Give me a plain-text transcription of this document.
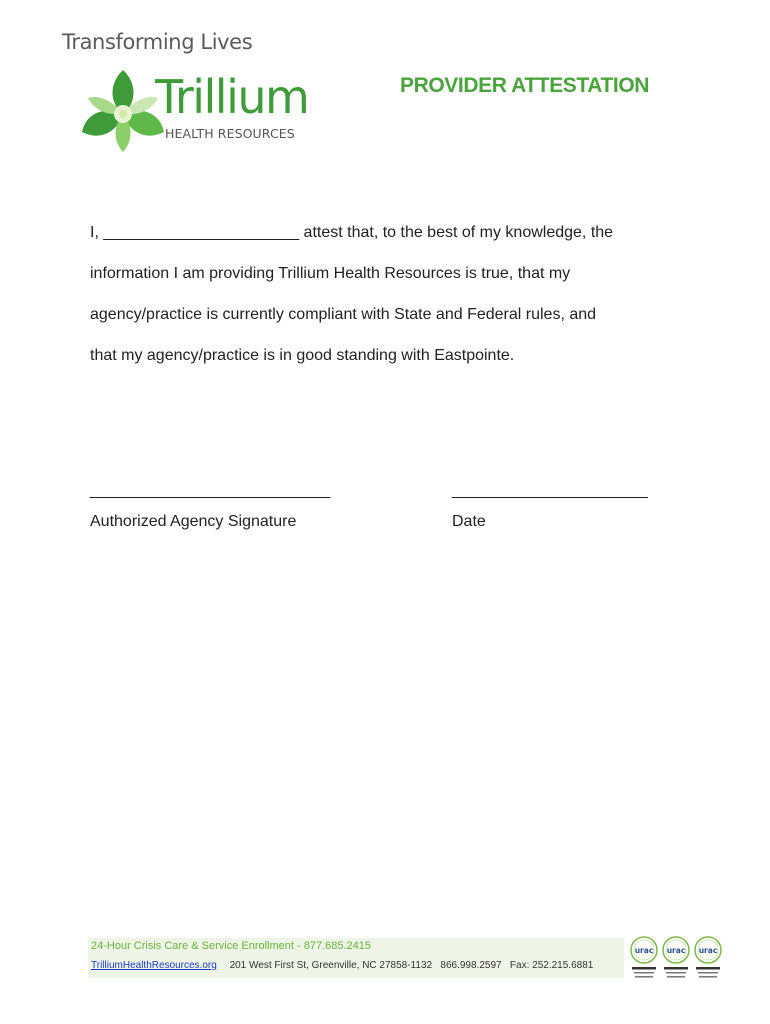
Transforming Lives
Trillium
HEALTH RESOURCES
PROVIDER ATTESTATION

I, ______________________ attest that, to the best of my knowledge, the

information I am providing Trillium Health Resources is true, that my

agency/practice is currently compliant with State and Federal rules, and

that my agency/practice is in good standing with Eastpointe.

___________________________	______________________
Authorized Agency Signature	Date
24-Hour Crisis Care & Service Enrollment - 877.685.2415
TrilliumHealthResources.org 201 West First St, Greenville, NC 27858-1132 866.998.2597 Fax: 252.215.6881
urac urac urac
